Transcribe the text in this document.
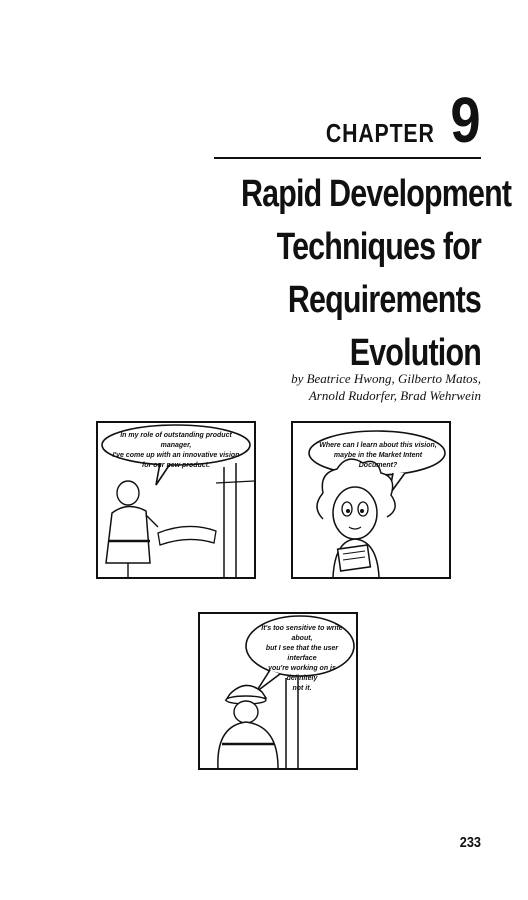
CHAPTER 9
Rapid Development
Techniques for
Requirements
Evolution
by Beatrice Hwong, Gilberto Matos,
Arnold Rudorfer, Brad Wehrwein
In my role of outstanding product manager,
I've come up with an innovative vision
for our new product.
Where can I learn about this vision,
maybe in the Market Intent Document?
It's too sensitive to write about,
but I see that the user interface
you're working on is definitely
not it.
233
